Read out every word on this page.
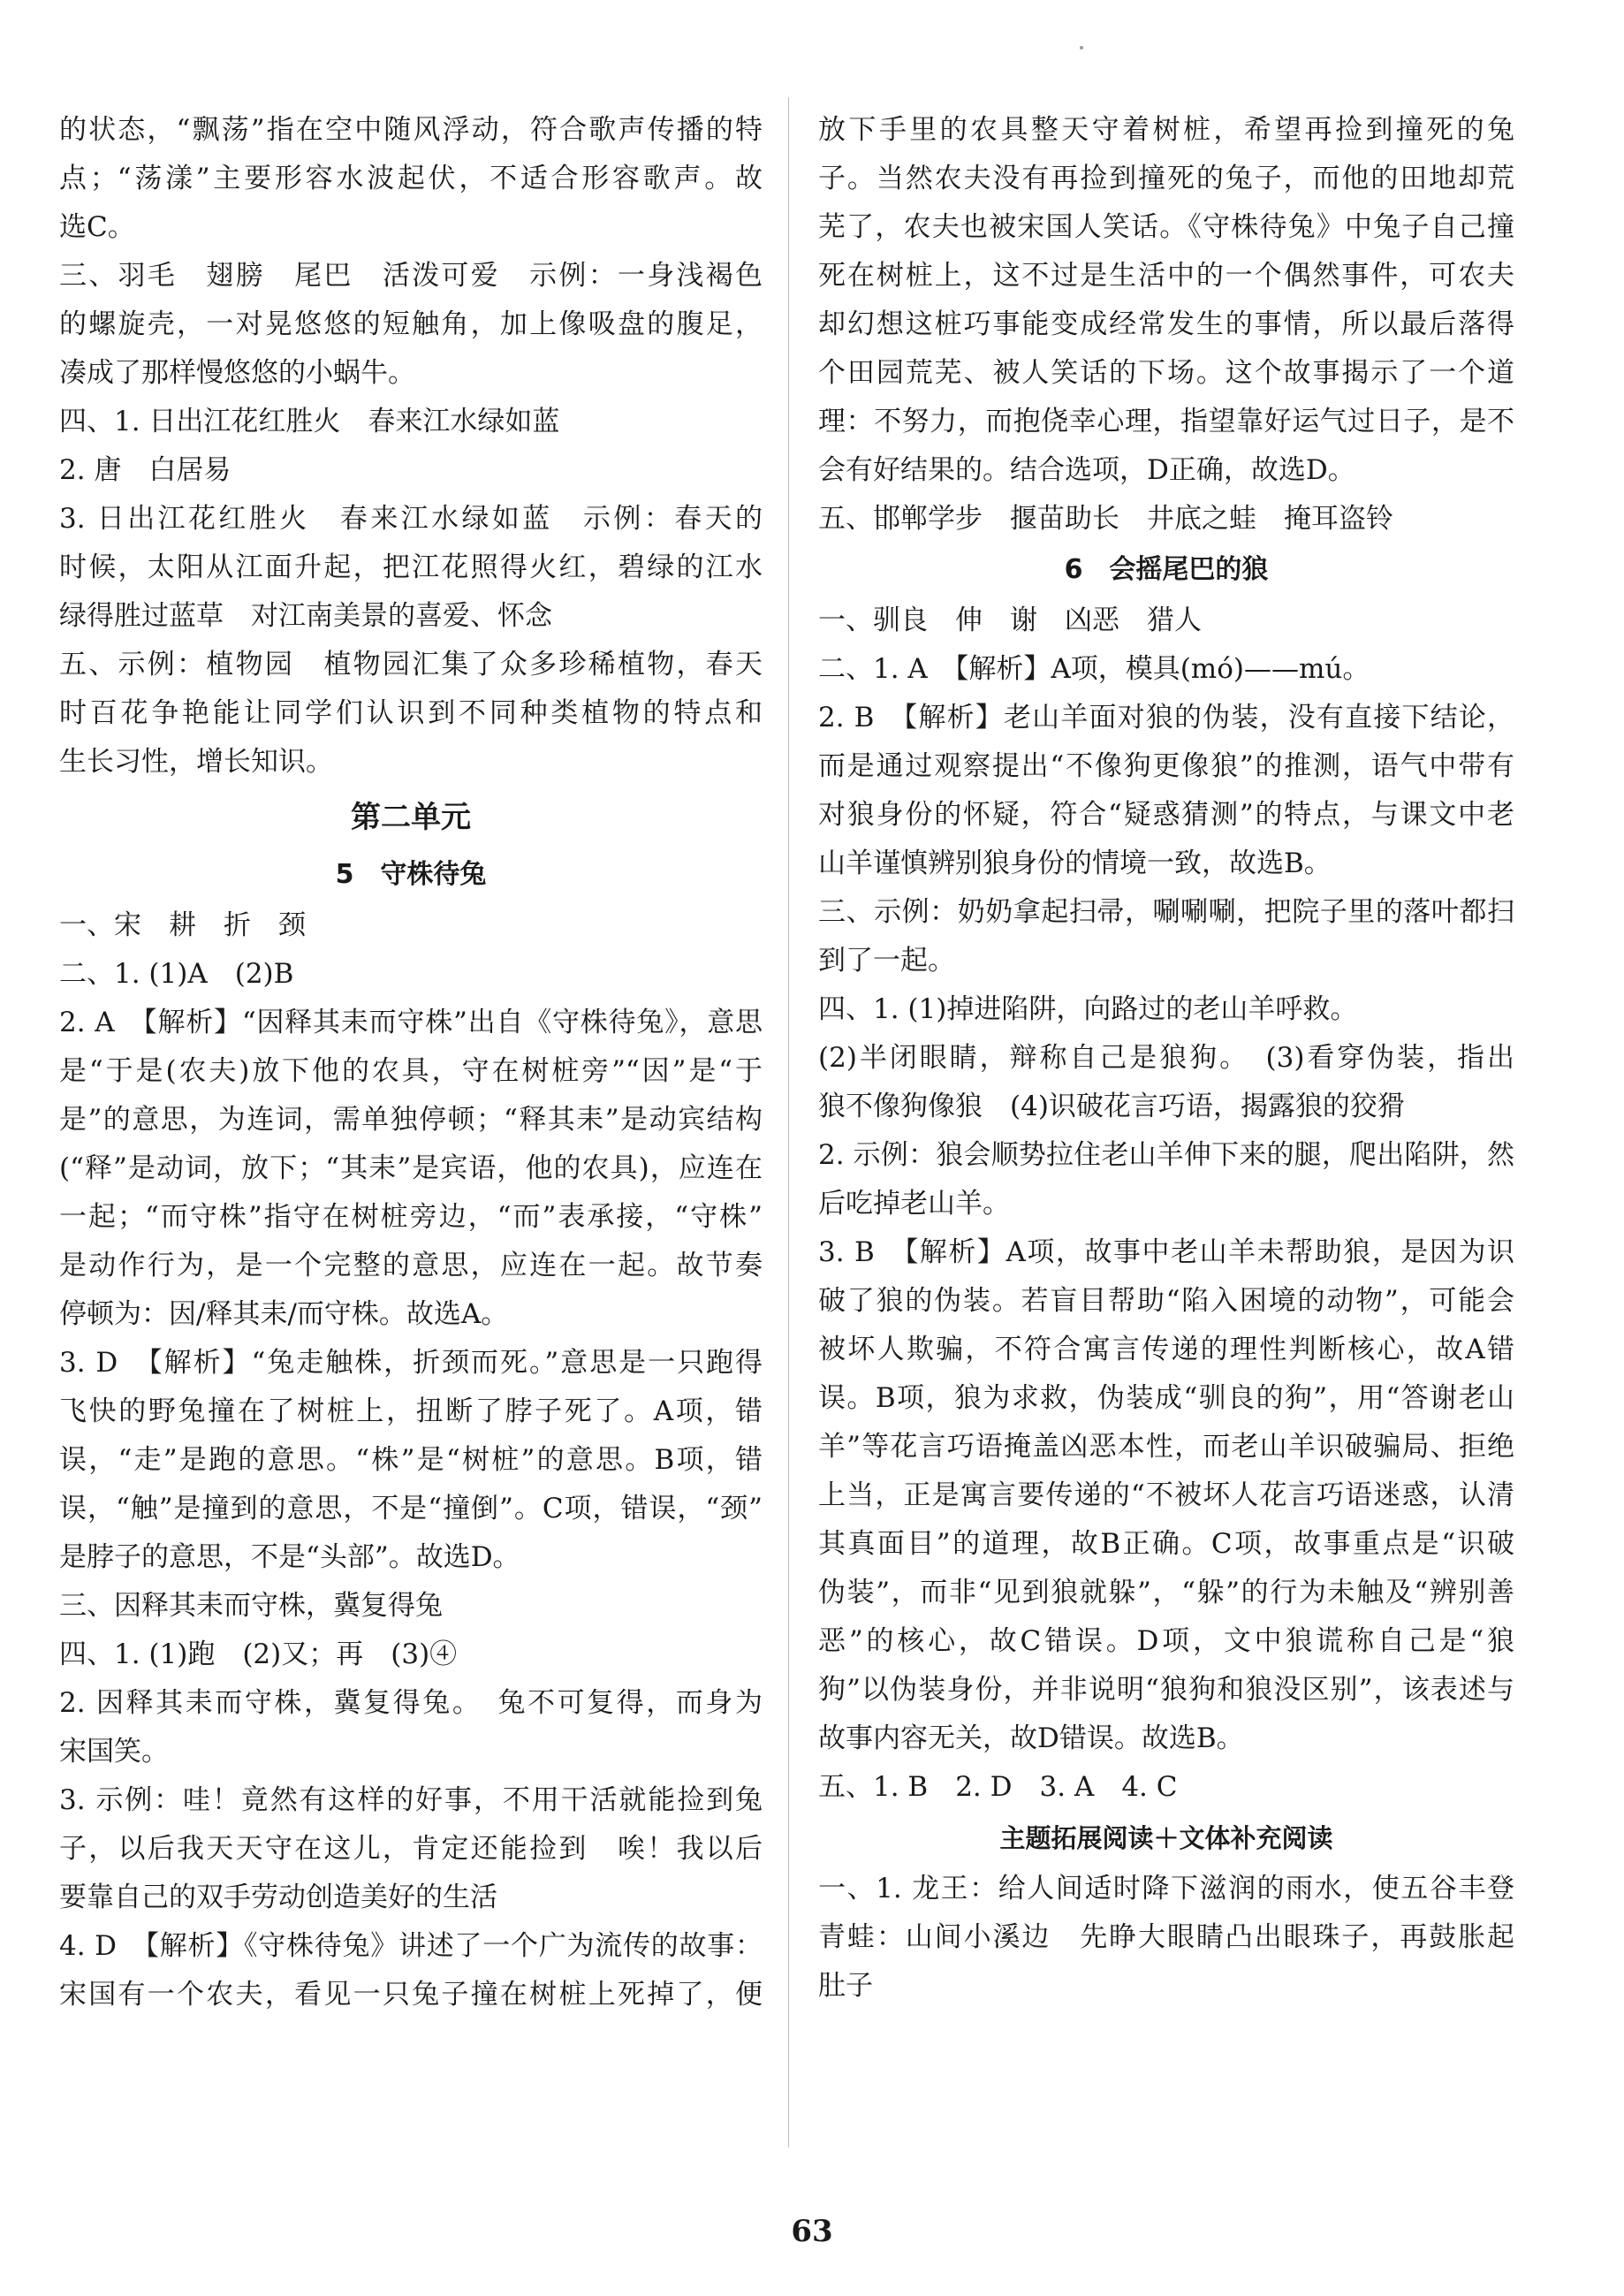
的状态，“飘荡”指在空中随风浮动，符合歌声传播的特
点；“荡漾”主要形容水波起伏，不适合形容歌声。故
选C。
三、羽毛　翅膀　尾巴　活泼可爱　示例：一身浅褐色
的螺旋壳，一对晃悠悠的短触角，加上像吸盘的腹足，
凑成了那样慢悠悠的小蜗牛。
四、1. 日出江花红胜火　春来江水绿如蓝
2. 唐　白居易
3. 日出江花红胜火　春来江水绿如蓝　示例：春天的
时候，太阳从江面升起，把江花照得火红，碧绿的江水
绿得胜过蓝草　对江南美景的喜爱、怀念
五、示例：植物园　植物园汇集了众多珍稀植物，春天
时百花争艳能让同学们认识到不同种类植物的特点和
生长习性，增长知识。
第二单元
5　守株待兔
一、宋　耕　折　颈
二、1. (1)A　(2)B
2. A　【解析】“因释其耒而守株”出自《守株待兔》，意思
是“于是(农夫)放下他的农具，守在树桩旁”“因”是“于
是”的意思，为连词，需单独停顿；“释其耒”是动宾结构
(“释”是动词，放下；“其耒”是宾语，他的农具)，应连在
一起；“而守株”指守在树桩旁边，“而”表承接，“守株”
是动作行为，是一个完整的意思，应连在一起。故节奏
停顿为：因/释其耒/而守株。故选A。
3. D　【解析】“兔走触株，折颈而死。”意思是一只跑得
飞快的野兔撞在了树桩上，扭断了脖子死了。A项，错
误，“走”是跑的意思。“株”是“树桩”的意思。B项，错
误，“触”是撞到的意思，不是“撞倒”。C项，错误，“颈”
是脖子的意思，不是“头部”。故选D。
三、因释其耒而守株，冀复得兔
四、1. (1)跑　(2)又；再　(3)④
2. 因释其耒而守株，冀复得兔。　兔不可复得，而身为
宋国笑。
3. 示例：哇！竟然有这样的好事，不用干活就能捡到兔
子，以后我天天守在这儿，肯定还能捡到　唉！我以后
要靠自己的双手劳动创造美好的生活
4. D　【解析】《守株待兔》讲述了一个广为流传的故事：
宋国有一个农夫，看见一只兔子撞在树桩上死掉了，便
放下手里的农具整天守着树桩，希望再捡到撞死的兔
子。当然农夫没有再捡到撞死的兔子，而他的田地却荒
芜了，农夫也被宋国人笑话。《守株待兔》中兔子自己撞
死在树桩上，这不过是生活中的一个偶然事件，可农夫
却幻想这桩巧事能变成经常发生的事情，所以最后落得
个田园荒芜、被人笑话的下场。这个故事揭示了一个道
理：不努力，而抱侥幸心理，指望靠好运气过日子，是不
会有好结果的。结合选项，D正确，故选D。
五、邯郸学步　揠苗助长　井底之蛙　掩耳盗铃
6　会摇尾巴的狼
一、驯良　伸　谢　凶恶　猎人
二、1. A　【解析】A项，模具(mó)——mú。
2. B　【解析】老山羊面对狼的伪装，没有直接下结论，
而是通过观察提出“不像狗更像狼”的推测，语气中带有
对狼身份的怀疑，符合“疑惑猜测”的特点，与课文中老
山羊谨慎辨别狼身份的情境一致，故选B。
三、示例：奶奶拿起扫帚，唰唰唰，把院子里的落叶都扫
到了一起。
四、1. (1)掉进陷阱，向路过的老山羊呼救。
(2)半闭眼睛，辩称自己是狼狗。　(3)看穿伪装，指出
狼不像狗像狼　(4)识破花言巧语，揭露狼的狡猾
2. 示例：狼会顺势拉住老山羊伸下来的腿，爬出陷阱，然
后吃掉老山羊。
3. B　【解析】A项，故事中老山羊未帮助狼，是因为识
破了狼的伪装。若盲目帮助“陷入困境的动物”，可能会
被坏人欺骗，不符合寓言传递的理性判断核心，故A错
误。B项，狼为求救，伪装成“驯良的狗”，用“答谢老山
羊”等花言巧语掩盖凶恶本性，而老山羊识破骗局、拒绝
上当，正是寓言要传递的“不被坏人花言巧语迷惑，认清
其真面目”的道理，故B正确。C项，故事重点是“识破
伪装”，而非“见到狼就躲”，“躲”的行为未触及“辨别善
恶”的核心，故C错误。D项，文中狼谎称自己是“狼
狗”以伪装身份，并非说明“狼狗和狼没区别”，该表述与
故事内容无关，故D错误。故选B。
五、1. B　2. D　3. A　4. C
主题拓展阅读＋文体补充阅读
一、1. 龙王：给人间适时降下滋润的雨水，使五谷丰登
青蛙：山间小溪边　先睁大眼睛凸出眼珠子，再鼓胀起
肚子
63
